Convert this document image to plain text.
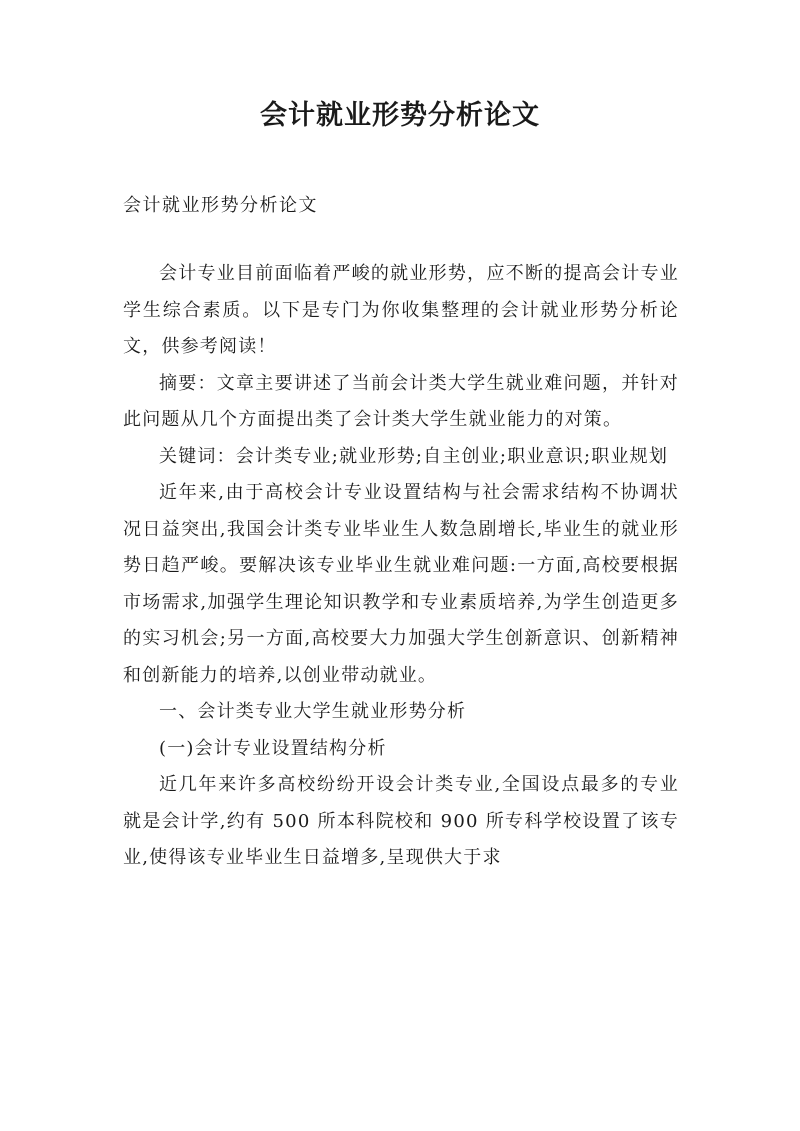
会计就业形势分析论文
会计就业形势分析论文

会计专业目前面临着严峻的就业形势，应不断的提高会计专业学生综合素质。以下是专门为你收集整理的会计就业形势分析论文，供参考阅读！

摘要：文章主要讲述了当前会计类大学生就业难问题，并针对此问题从几个方面提出类了会计类大学生就业能力的对策。

关键词：会计类专业;就业形势;自主创业;职业意识;职业规划

近年来,由于高校会计专业设置结构与社会需求结构不协调状况日益突出,我国会计类专业毕业生人数急剧增长,毕业生的就业形势日趋严峻。要解决该专业毕业生就业难问题:一方面,高校要根据市场需求,加强学生理论知识教学和专业素质培养,为学生创造更多的实习机会;另一方面,高校要大力加强大学生创新意识、创新精神和创新能力的培养,以创业带动就业。

一、会计类专业大学生就业形势分析

(一)会计专业设置结构分析

近几年来许多高校纷纷开设会计类专业,全国设点最多的专业就是会计学,约有 500 所本科院校和 900 所专科学校设置了该专业,使得该专业毕业生日益增多,呈现供大于求
